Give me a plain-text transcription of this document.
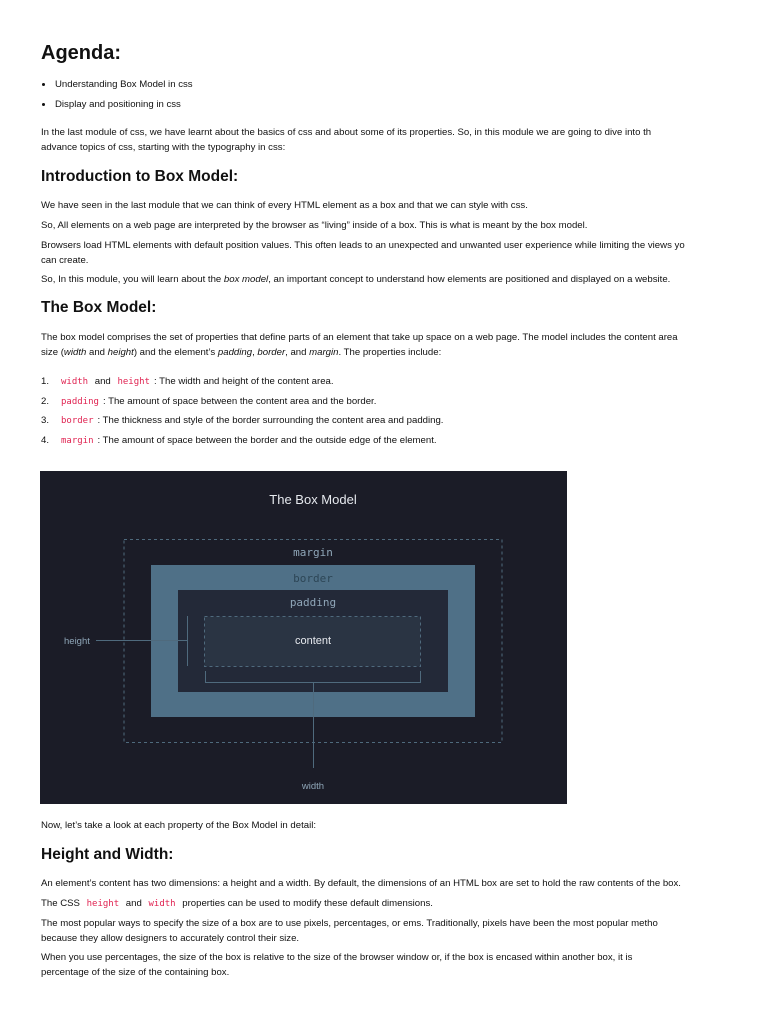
Agenda:
Understanding Box Model in css
Display and positioning in css
In the last module of css, we have learnt about the basics of css and about some of its properties. So, in this module we are going to dive into th
advance topics of css, starting with the typography in css:
Introduction to Box Model:

We have seen in the last module that we can think of every HTML element as a box and that we can style with css.

So, All elements on a web page are interpreted by the browser as “living” inside of a box. This is what is meant by the box model.

Browsers load HTML elements with default position values. This often leads to an unexpected and unwanted user experience while limiting the views yo
can create.

So, In this module, you will learn about the box model, an important concept to understand how elements are positioned and displayed on a website.

The Box Model:
The box model comprises the set of properties that define parts of an element that take up space on a web page. The model includes the content area
size (width and height) and the element’s padding, border, and margin. The properties include:
1. width and height : The width and height of the content area.
2. padding : The amount of space between the content area and the border.
3. border : The thickness and style of the border surrounding the content area and padding.
4. margin : The amount of space between the border and the outside edge of the element.

Now, let’s take a look at each property of the Box Model in detail:

Height and Width:

An element’s content has two dimensions: a height and a width. By default, the dimensions of an HTML box are set to hold the raw contents of the box.

The CSS height and width properties can be used to modify these default dimensions.

The most popular ways to specify the size of a box are to use pixels, percentages, or ems. Traditionally, pixels have been the most popular metho
because they allow designers to accurately control their size.
When you use percentages, the size of the box is relative to the size of the browser window or, if the box is encased within another box, it is
percentage of the size of the containing box.
The Box Model
margin
border
padding
content
height
width
